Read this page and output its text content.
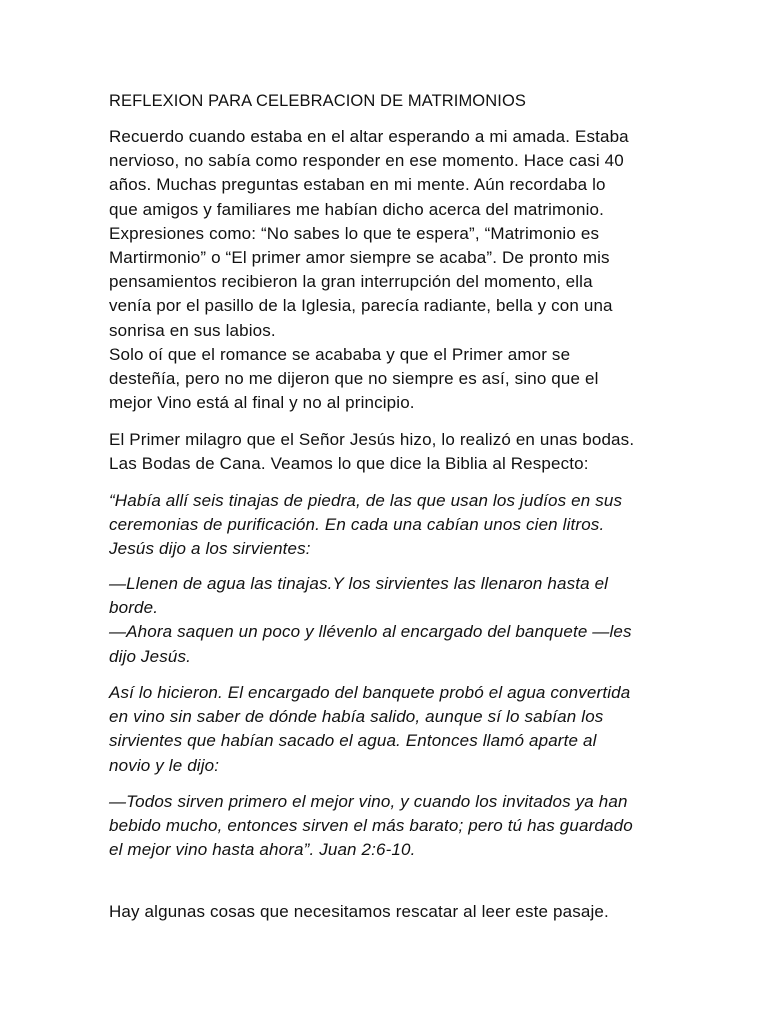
REFLEXION PARA CELEBRACION DE MATRIMONIOS

Recuerdo cuando estaba en el altar esperando a mi amada. Estaba
nervioso, no sabía como responder en ese momento. Hace casi 40
años. Muchas preguntas estaban en mi mente. Aún recordaba lo
que amigos y familiares me habían dicho acerca del matrimonio.
Expresiones como: “No sabes lo que te espera”, “Matrimonio es
Martirmonio” o “El primer amor siempre se acaba”. De pronto mis
pensamientos recibieron la gran interrupción del momento, ella
venía por el pasillo de la Iglesia, parecía radiante, bella y con una
sonrisa en sus labios.

Solo oí que el romance se acababa y que el Primer amor se
desteñía, pero no me dijeron que no siempre es así, sino que el
mejor Vino está al final y no al principio.

El Primer milagro que el Señor Jesús hizo, lo realizó en unas bodas.
Las Bodas de Cana. Veamos lo que dice la Biblia al Respecto:

“Había allí seis tinajas de piedra, de las que usan los judíos en sus
ceremonias de purificación. En cada una cabían unos cien litros.
Jesús dijo a los sirvientes:

—Llenen de agua las tinajas.Y los sirvientes las llenaron hasta el
borde.
—Ahora saquen un poco y llévenlo al encargado del banquete —les
dijo Jesús.

Así lo hicieron. El encargado del banquete probó el agua convertida
en vino sin saber de dónde había salido, aunque sí lo sabían los
sirvientes que habían sacado el agua. Entonces llamó aparte al
novio y le dijo:

—Todos sirven primero el mejor vino, y cuando los invitados ya han
bebido mucho, entonces sirven el más barato; pero tú has guardado
el mejor vino hasta ahora”. Juan 2:6-10.

Hay algunas cosas que necesitamos rescatar al leer este pasaje.
